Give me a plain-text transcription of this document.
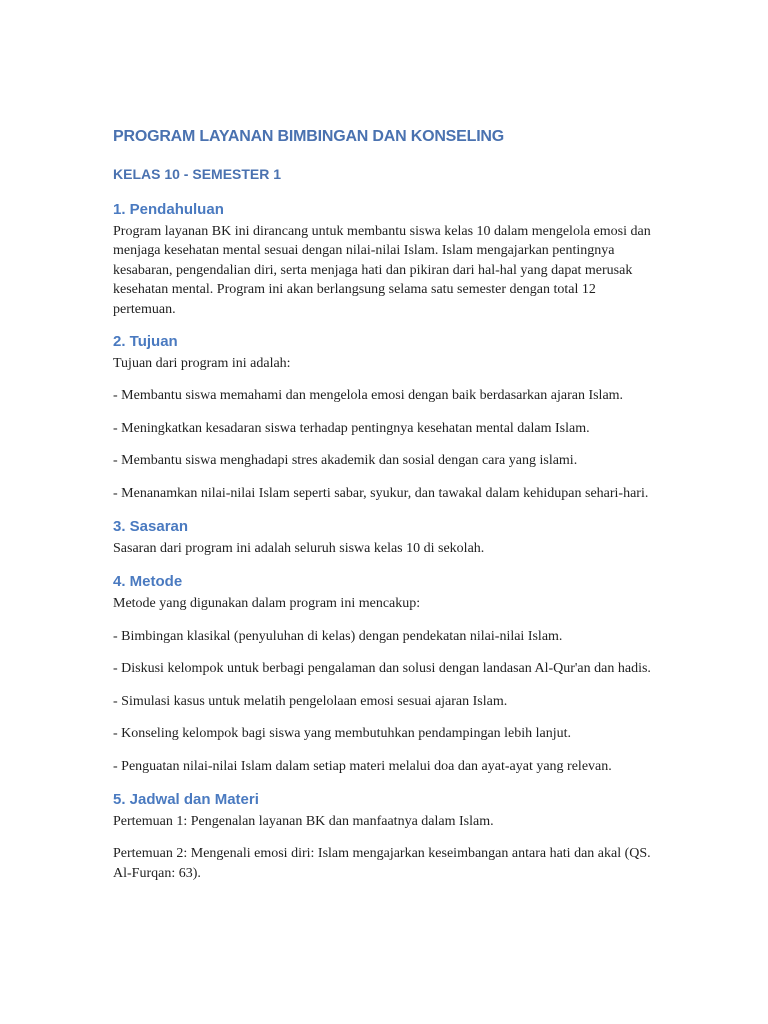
PROGRAM LAYANAN BIMBINGAN DAN KONSELING
KELAS 10 - SEMESTER 1
1. Pendahuluan

Program layanan BK ini dirancang untuk membantu siswa kelas 10 dalam mengelola emosi dan menjaga kesehatan mental sesuai dengan nilai-nilai Islam. Islam mengajarkan pentingnya kesabaran, pengendalian diri, serta menjaga hati dan pikiran dari hal-hal yang dapat merusak kesehatan mental. Program ini akan berlangsung selama satu semester dengan total 12 pertemuan.

2. Tujuan

Tujuan dari program ini adalah:

- Membantu siswa memahami dan mengelola emosi dengan baik berdasarkan ajaran Islam.

- Meningkatkan kesadaran siswa terhadap pentingnya kesehatan mental dalam Islam.

- Membantu siswa menghadapi stres akademik dan sosial dengan cara yang islami.

- Menanamkan nilai-nilai Islam seperti sabar, syukur, dan tawakal dalam kehidupan sehari-hari.

3. Sasaran

Sasaran dari program ini adalah seluruh siswa kelas 10 di sekolah.

4. Metode

Metode yang digunakan dalam program ini mencakup:

- Bimbingan klasikal (penyuluhan di kelas) dengan pendekatan nilai-nilai Islam.

- Diskusi kelompok untuk berbagi pengalaman dan solusi dengan landasan Al-Qur'an dan hadis.

- Simulasi kasus untuk melatih pengelolaan emosi sesuai ajaran Islam.

- Konseling kelompok bagi siswa yang membutuhkan pendampingan lebih lanjut.

- Penguatan nilai-nilai Islam dalam setiap materi melalui doa dan ayat-ayat yang relevan.

5. Jadwal dan Materi

Pertemuan 1: Pengenalan layanan BK dan manfaatnya dalam Islam.

Pertemuan 2: Mengenali emosi diri: Islam mengajarkan keseimbangan antara hati dan akal (QS. Al-Furqan: 63).
